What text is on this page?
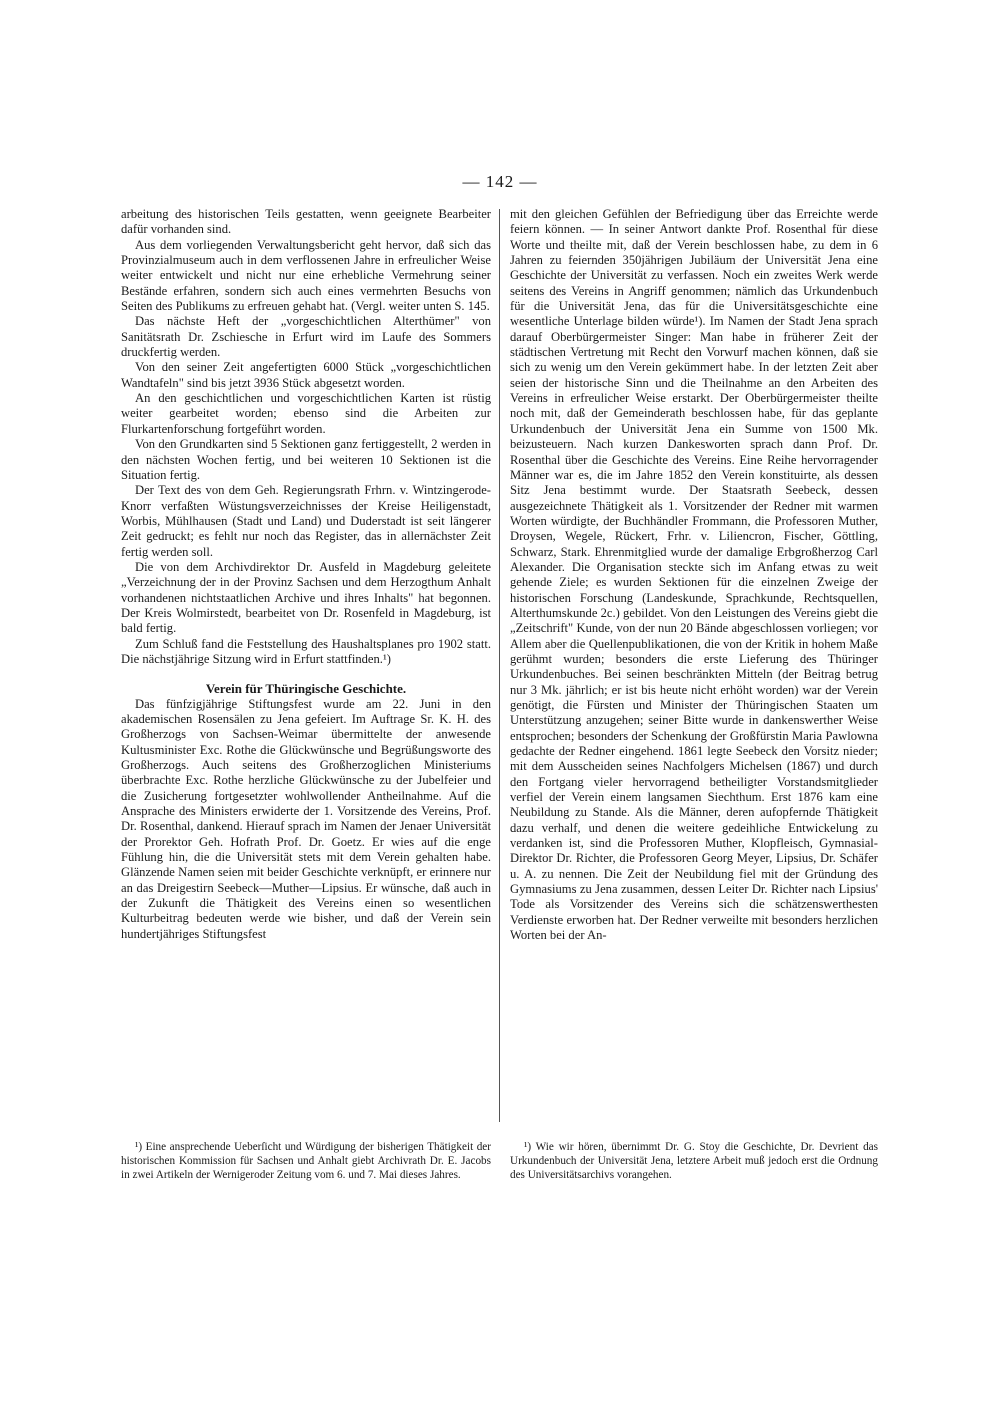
— 142 —

arbeitung des historischen Teils gestatten, wenn geeignete Bearbeiter dafür vorhanden sind.

Aus dem vorliegenden Verwaltungsbericht geht hervor, daß sich das Provinzialmuseum auch in dem verflossenen Jahre in erfreulicher Weise weiter entwickelt und nicht nur eine erhebliche Vermehrung seiner Bestände erfahren, sondern sich auch eines vermehrten Besuchs von Seiten des Publikums zu erfreuen gehabt hat. (Vergl. weiter unten S. 145.

Das nächste Heft der „vorgeschichtlichen Alterthümer" von Sanitätsrath Dr. Zschiesche in Erfurt wird im Laufe des Sommers druckfertig werden.

Von den seiner Zeit angefertigten 6000 Stück „vorgeschichtlichen Wandtafeln" sind bis jetzt 3936 Stück abgesetzt worden.

An den geschichtlichen und vorgeschichtlichen Karten ist rüstig weiter gearbeitet worden; ebenso sind die Arbeiten zur Flurkartenforschung fortgeführt worden.

Von den Grundkarten sind 5 Sektionen ganz fertiggestellt, 2 werden in den nächsten Wochen fertig, und bei weiteren 10 Sektionen ist die Situation fertig.

Der Text des von dem Geh. Regierungsrath Frhrn. v. Wintzingerode-Knorr verfaßten Wüstungsverzeichnisses der Kreise Heiligenstadt, Worbis, Mühlhausen (Stadt und Land) und Duderstadt ist seit längerer Zeit gedruckt; es fehlt nur noch das Register, das in allernächster Zeit fertig werden soll.

Die von dem Archivdirektor Dr. Ausfeld in Magdeburg geleitete „Verzeichnung der in der Provinz Sachsen und dem Herzogthum Anhalt vorhandenen nichtstaatlichen Archive und ihres Inhalts" hat begonnen. Der Kreis Wolmirstedt, bearbeitet von Dr. Rosenfeld in Magdeburg, ist bald fertig.

Zum Schluß fand die Feststellung des Haushaltsplanes pro 1902 statt. Die nächstjährige Sitzung wird in Erfurt stattfinden.¹)

Verein für Thüringische Geschichte.

Das fünfzigjährige Stiftungsfest wurde am 22. Juni in den akademischen Rosensälen zu Jena gefeiert. Im Auftrage Sr. K. H. des Großherzogs von Sachsen-Weimar übermittelte der anwesende Kultusminister Exc. Rothe die Glückwünsche und Begrüßungsworte des Großherzogs. Auch seitens des Großherzoglichen Ministeriums überbrachte Exc. Rothe herzliche Glückwünsche zu der Jubelfeier und die Zusicherung fortgesetzter wohlwollender Antheilnahme. Auf die Ansprache des Ministers erwiderte der 1. Vorsitzende des Vereins, Prof. Dr. Rosenthal, dankend. Hierauf sprach im Namen der Jenaer Universität der Prorektor Geh. Hofrath Prof. Dr. Goetz. Er wies auf die enge Fühlung hin, die die Universität stets mit dem Verein gehalten habe. Glänzende Namen seien mit beider Geschichte verknüpft, er erinnere nur an das Dreigestirn Seebeck—Muther—Lipsius. Er wünsche, daß auch in der Zukunft die Thätigkeit des Vereins einen so wesentlichen Kulturbeitrag bedeuten werde wie bisher, und daß der Verein sein hundertjähriges Stiftungsfest

mit den gleichen Gefühlen der Befriedigung über das Erreichte werde feiern können. — In seiner Antwort dankte Prof. Rosenthal für diese Worte und theilte mit, daß der Verein beschlossen habe, zu dem in 6 Jahren zu feiernden 350jährigen Jubiläum der Universität Jena eine Geschichte der Universität zu verfassen. Noch ein zweites Werk werde seitens des Vereins in Angriff genommen; nämlich das Urkundenbuch für die Universität Jena, das für die Universitätsgeschichte eine wesentliche Unterlage bilden würde¹). Im Namen der Stadt Jena sprach darauf Oberbürgermeister Singer: Man habe in früherer Zeit der städtischen Vertretung mit Recht den Vorwurf machen können, daß sie sich zu wenig um den Verein gekümmert habe. In der letzten Zeit aber seien der historische Sinn und die Theilnahme an den Arbeiten des Vereins in erfreulicher Weise erstarkt. Der Oberbürgermeister theilte noch mit, daß der Gemeinderath beschlossen habe, für das geplante Urkundenbuch der Universität Jena ein Summe von 1500 Mk. beizusteuern. Nach kurzen Dankesworten sprach dann Prof. Dr. Rosenthal über die Geschichte des Vereins. Eine Reihe hervorragender Männer war es, die im Jahre 1852 den Verein konstituirte, als dessen Sitz Jena bestimmt wurde. Der Staatsrath Seebeck, dessen ausgezeichnete Thätigkeit als 1. Vorsitzender der Redner mit warmen Worten würdigte, der Buchhändler Frommann, die Professoren Muther, Droysen, Wegele, Rückert, Frhr. v. Liliencron, Fischer, Göttling, Schwarz, Stark. Ehrenmitglied wurde der damalige Erbgroßherzog Carl Alexander. Die Organisation steckte sich im Anfang etwas zu weit gehende Ziele; es wurden Sektionen für die einzelnen Zweige der historischen Forschung (Landeskunde, Sprachkunde, Rechtsquellen, Alterthumskunde 2c.) gebildet. Von den Leistungen des Vereins giebt die „Zeitschrift" Kunde, von der nun 20 Bände abgeschlossen vorliegen; vor Allem aber die Quellenpublikationen, die von der Kritik in hohem Maße gerühmt wurden; besonders die erste Lieferung des Thüringer Urkundenbuches. Bei seinen beschränkten Mitteln (der Beitrag betrug nur 3 Mk. jährlich; er ist bis heute nicht erhöht worden) war der Verein genötigt, die Fürsten und Minister der Thüringischen Staaten um Unterstützung anzugehen; seiner Bitte wurde in dankenswerther Weise entsprochen; besonders der Schenkung der Großfürstin Maria Pawlowna gedachte der Redner eingehend. 1861 legte Seebeck den Vorsitz nieder; mit dem Ausscheiden seines Nachfolgers Michelsen (1867) und durch den Fortgang vieler hervorragend betheiligter Vorstandsmitglieder verfiel der Verein einem langsamen Siechthum. Erst 1876 kam eine Neubildung zu Stande. Als die Männer, deren aufopfernde Thätigkeit dazu verhalf, und denen die weitere gedeihliche Entwickelung zu verdanken ist, sind die Professoren Muther, Klopfleisch, Gymnasial-Direktor Dr. Richter, die Professoren Georg Meyer, Lipsius, Dr. Schäfer u. A. zu nennen. Die Zeit der Neubildung fiel mit der Gründung des Gymnasiums zu Jena zusammen, dessen Leiter Dr. Richter nach Lipsius' Tode als Vorsitzender des Vereins sich die schätzenswerthesten Verdienste erworben hat. Der Redner verweilte mit besonders herzlichen Worten bei der An-

¹) Eine ansprechende Ueberſicht und Würdigung der bisherigen Thätigkeit der historischen Kommission für Sachsen und Anhalt giebt Archivrath Dr. E. Jacobs in zwei Artikeln der Wernigeroder Zeitung vom 6. und 7. Mai dieses Jahres.

¹) Wie wir hören, übernimmt Dr. G. Stoy die Geschichte, Dr. Devrient das Urkundenbuch der Universität Jena, letztere Arbeit muß jedoch erst die Ordnung des Universitätsarchivs vorangehen.
